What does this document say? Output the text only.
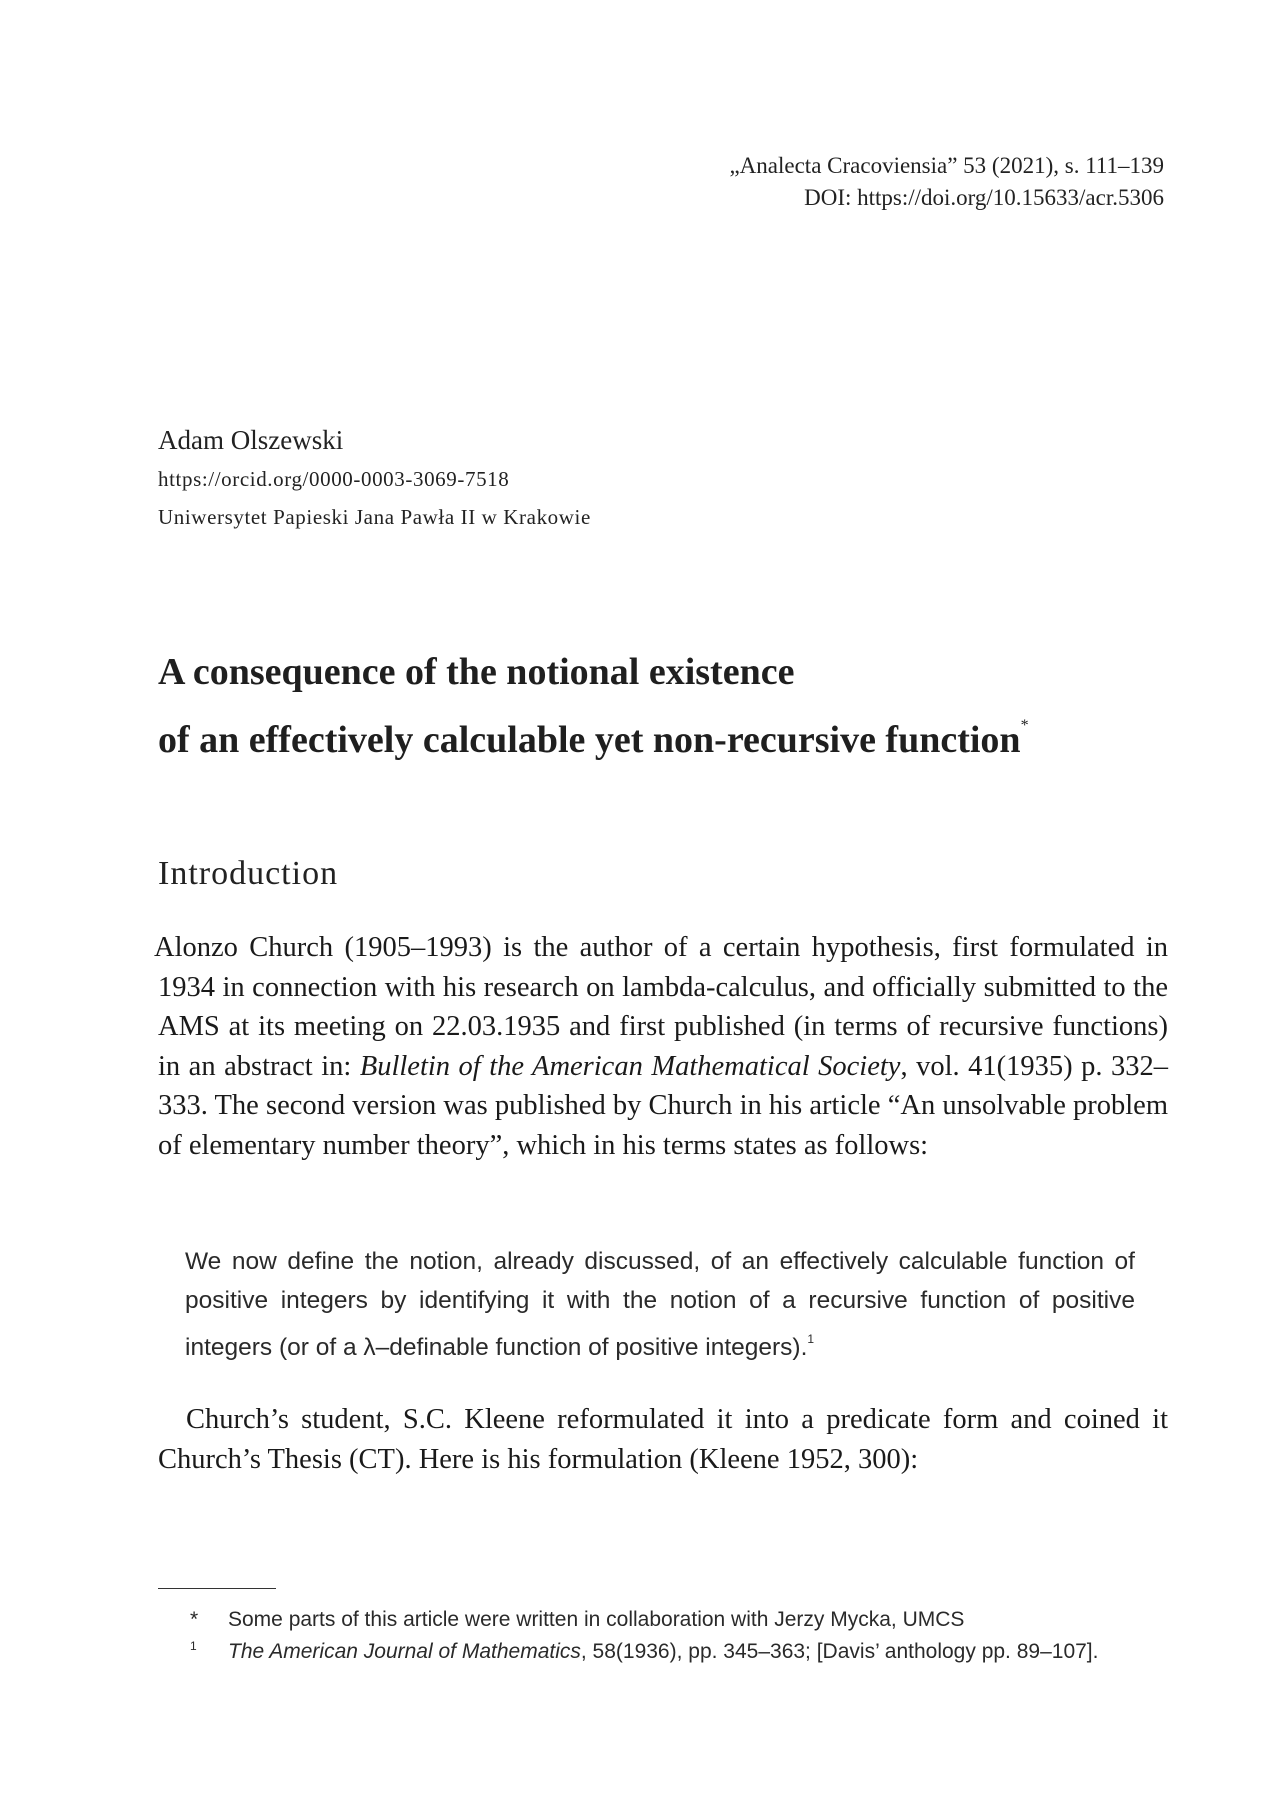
„Analecta Cracoviensia” 53 (2021), s. 111–139
DOI: https://doi.org/10.15633/acr.5306
Adam Olszewski
https://orcid.org/0000-0003-3069-7518
Uniwersytet Papieski Jana Pawła II w Krakowie
A consequence of the notional existence
of an effectively calculable yet non-recursive function*
Introduction

Alonzo Church (1905–1993) is the author of a certain hypothesis, first formulated in 1934 in connection with his research on lambda-calculus, and officially submitted to the AMS at its meeting on 22.03.1935 and first published (in terms of recursive functions) in an abstract in: Bulletin of the American Mathematical Society, vol. 41(1935) p. 332–333. The second version was published by Church in his article “An unsolvable problem of elementary number theory”, which in his terms states as follows:

We now define the notion, already discussed, of an effectively calculable function of positive integers by identifying it with the notion of a recursive function of positive integers (or of a λ–definable function of positive integers).$^1$

Church’s student, S.C. Kleene reformulated it into a predicate form and coined it Church’s Thesis (CT). Here is his formulation (Kleene 1952, 300):

* Some parts of this article were written in collaboration with Jerzy Mycka, UMCS
1 The American Journal of Mathematics, 58(1936), pp. 345–363; [Davis’ anthology pp. 89–107].
